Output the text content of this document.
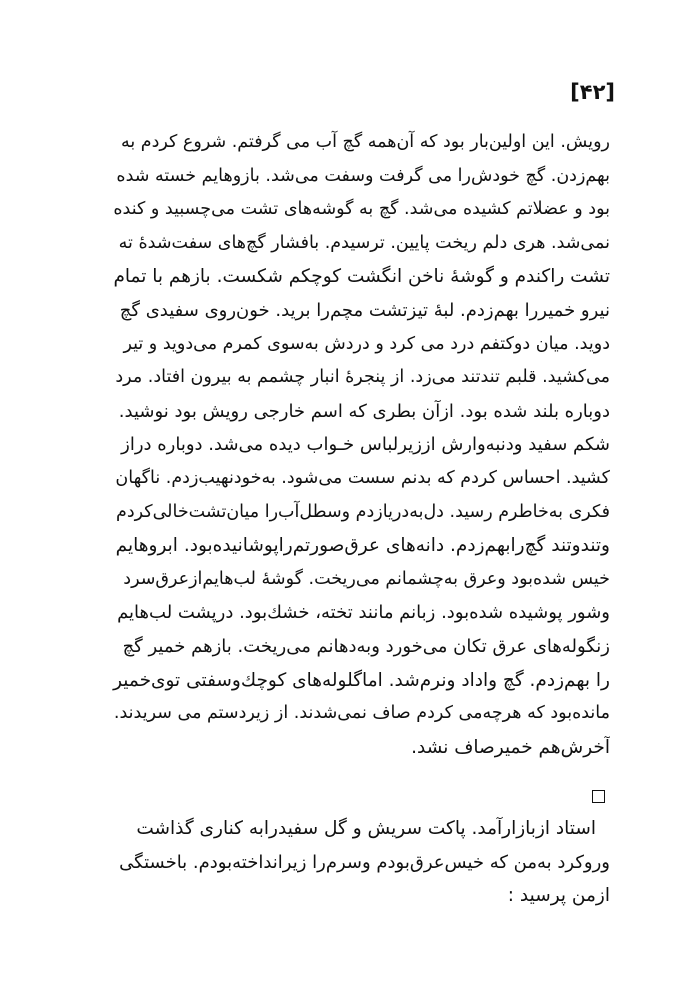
[۴۲]
رویش. این اولین‌بار بود که آن‌همه گچ آب می گرفتم. شروع کردم به
بهم‌زدن. گچ خودش‌را می گرفت وسفت می‌شد. بازوهایم خسته شده
بود و عضلاتم کشیده می‌شد. گچ به گوشه‌های تشت می‌چسبید و کنده
نمی‌شد. هری دلم ریخت پایین. ترسیدم. بافشار گچ‌های سفت‌شدهٔ ته
تشت راکندم و گوشهٔ ناخن انگشت کوچکم شکست. بازهم با تمام
نیرو خمیررا بهم‌زدم. لبهٔ تیزتشت مچم‌را برید. خون‌روی سفیدی گچ
دوید. میان دوکتفم درد می کرد و دردش به‌سوی کمرم می‌دوید و تیر
می‌کشید. قلبم تندتند می‌زد. از پنجرهٔ انبار چشمم به بیرون افتاد. مرد
دوباره بلند شده بود. ازآن بطری که اسم خارجی رویش بود نوشید.
شکم سفید ودنبه‌وارش اززیرلباس خـواب دیده می‌شد. دوباره دراز
کشید. احساس کردم که بدنم سست می‌شود. به‌خودنهیب‌زدم. ناگهان
فکری به‌خاطرم رسید. دل‌به‌دریازدم وسطل‌آب‌را میان‌تشت‌خالی‌کردم
وتندوتند گچ‌رابهم‌زدم. دانه‌های عرق‌صورتم‌راپوشانیده‌بود. ابروهایم
خیس شده‌بود وعرق به‌چشمانم می‌ریخت. گوشهٔ لب‌هایم‌ازعرق‌سرد
وشور پوشیده شده‌بود. زبانم مانند تخته، خشك‌بود. درپشت لب‌هایم
زنگوله‌های عرق تکان می‌خورد وبه‌دهانم می‌ریخت. بازهم خمیر گچ
را بهم‌زدم. گچ واداد ونرم‌شد. اماگلوله‌های کوچك‌وسفتی توی‌خمیر
مانده‌بود که هرچه‌می کردم صاف نمی‌شدند. از زیردستم می سریدند.
آخرش‌هم خمیرصاف نشد.
استاد ازبازارآمد. پاکت سریش و گل سفیدرابه کناری گذاشت
وروکرد به‌من که خیس‌عرق‌بودم وسرم‌را زیرانداخته‌بودم. باخستگی
ازمن پرسید :
